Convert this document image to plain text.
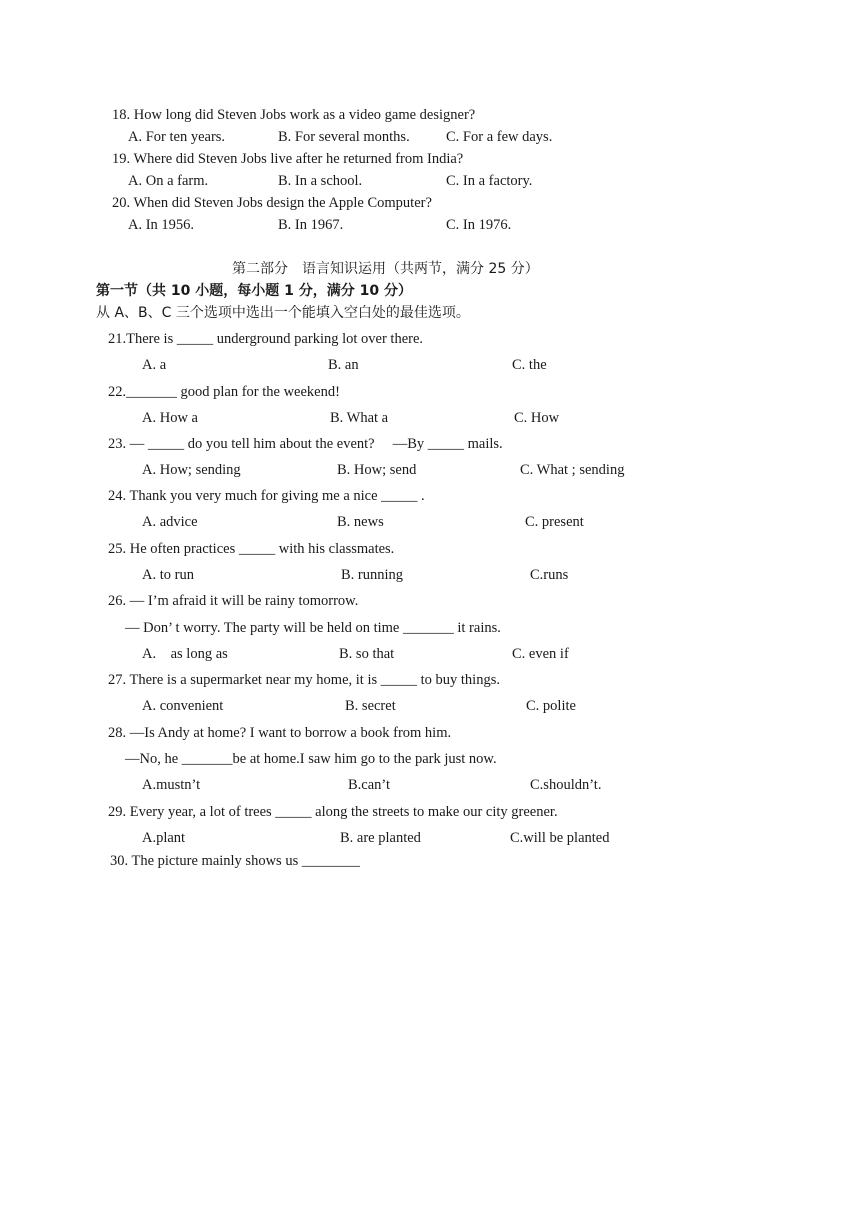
18. How long did Steven Jobs work as a video game designer?
A. For ten years.	B. For several months.	C. For a few days.
19. Where did Steven Jobs live after he returned from India?
A. On a farm.	B. In a school.	C. In a factory.
20. When did Steven Jobs design the Apple Computer?
A. In 1956.	B. In 1967.	C. In 1976.
第二部分　语言知识运用（共两节，满分 25 分）
第一节（共 10 小题，每小题 1 分，满分 10 分）
从 A、B、C 三个选项中选出一个能填入空白处的最佳选项。
21.There is _____ underground parking lot over there.
A. a	B. an	C. the
22._______ good plan for the weekend!
A. How a	B. What a	C. How
23. — _____ do you tell him about the event?　 —By _____ mails.
A. How; sending	B. How; send	C. What ; sending
24. Thank you very much for giving me a nice _____ .
A. advice	B. news	C. present
25. He often practices _____ with his classmates.
A. to run	B. running	C.runs
26. — I’m afraid it will be rainy tomorrow.
— Don’ t worry. The party will be held on time _______ it rains.
A.　as long as	B. so that	C. even if
27. There is a supermarket near my home, it is _____ to buy things.
A. convenient	B. secret	C. polite
28. —Is Andy at home? I want to borrow a book from him.
—No, he _______be at home.I saw him go to the park just now.
A.mustn’t	B.can’t	C.shouldn’t.
29. Every year, a lot of trees _____ along the streets to make our city greener.
A.plant	B. are planted	C.will be planted
30. The picture mainly shows us ________
